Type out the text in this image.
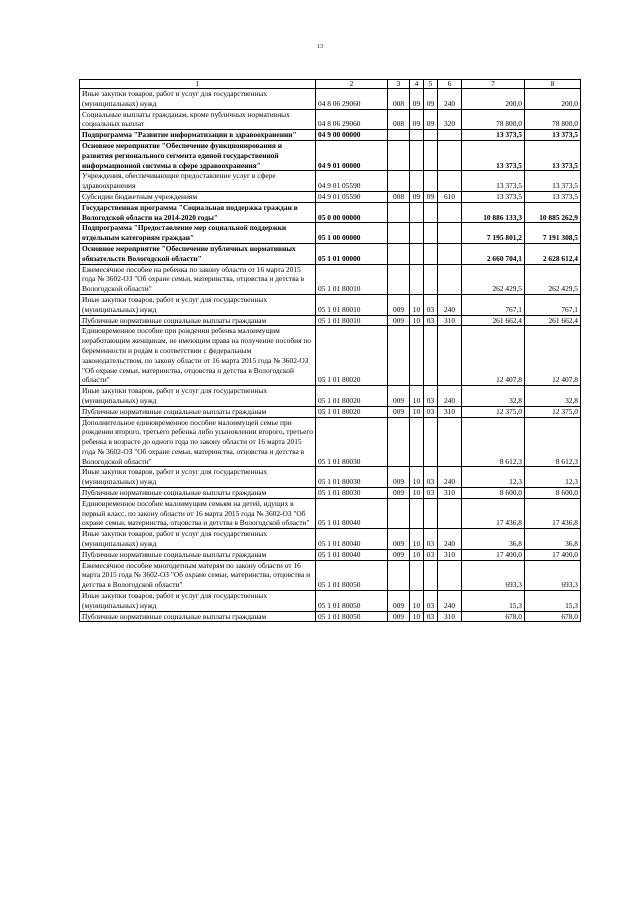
13
1	2	3	4	5	6	7	8
Иные закупки товаров, работ и услуг для государственных (муниципальных) нужд	04 8 06 29060	008	09	09	240	200,0	200,0
Социальные выплаты гражданам, кроме публичных нормативных социальных выплат	04 8 06 29060	008	09	09	320	78 800,0	78 800,0
Подпрограмма "Развитие информатизации в здравоохранении"	04 9 00 00000					13 373,5	13 373,5
Основное мероприятие "Обеспечение функционирования и развития регионального сегмента единой государственной информационной системы в сфере здравоохранения"	04 9 01 00000					13 373,5	13 373,5
Учреждения, обеспечивающие предоставление услуг в сфере здравоохранения	04 9 01 05590					13 373,5	13 373,5
Субсидии бюджетным учреждениям	04 9 01 05590	008	09	09	610	13 373,5	13 373,5
Государственная программа "Социальная поддержка граждан в Вологодской области на 2014-2020 годы"	05 0 00 00000					10 886 133,3	10 885 262,9
Подпрограмма "Предоставление мер социальной поддержки отдельным категориям граждан"	05 1 00 00000					7 195 801,2	7 191 308,5
Основное мероприятие "Обеспечение публичных нормативных обязательств Вологодской области"	05 1 01 00000					2 660 704,1	2 628 612,4
Ежемесячное пособие на ребенка по закону области от 16 марта 2015 года № 3602-ОЗ "Об охране семьи, материнства, отцовства и детства в Вологодской области"	05 1 01 80010					262 429,5	262 429,5
Иные закупки товаров, работ и услуг для государственных (муниципальных) нужд	05 1 01 80010	009	10	03	240	767,1	767,1
Публичные нормативные социальные выплаты гражданам	05 1 01 80010	009	10	03	310	261 662,4	261 662,4
Единовременное пособие при рождении ребенка малоимущим неработающим женщинам, не имеющим права на получение пособия по беременности и родам в соответствии с федеральным законодательством, по закону области от 16 марта 2015 года № 3602-ОЗ "Об охране семьи, материнства, отцовства и детства в Вологодской области"	05 1 01 80020					12 407,8	12 407,8
Иные закупки товаров, работ и услуг для государственных (муниципальных) нужд	05 1 01 80020	009	10	03	240	32,8	32,8
Публичные нормативные социальные выплаты гражданам	05 1 01 80020	009	10	03	310	12 375,0	12 375,0
Дополнительное единовременное пособие малоимущей семье при рождении второго, третьего ребенка либо усыновлении второго, третьего ребенка в возрасте до одного года по закону области от 16 марта 2015 года № 3602-ОЗ "Об охране семьи, материнства, отцовства и детства в Вологодской области"	05 1 01 80030					8 612,3	8 612,3
Иные закупки товаров, работ и услуг для государственных (муниципальных) нужд	05 1 01 80030	009	10	03	240	12,3	12,3
Публичные нормативные социальные выплаты гражданам	05 1 01 80030	009	10	03	310	8 600,0	8 600,0
Единовременное пособие малоимущим семьям на детей, идущих в первый класс, по закону области от 16 марта 2015 года № 3602-ОЗ "Об охране семьи, материнства, отцовства и детства в Вологодской области"	05 1 01 80040					17 436,8	17 436,8
Иные закупки товаров, работ и услуг для государственных (муниципальных) нужд	05 1 01 80040	009	10	03	240	36,8	36,8
Публичные нормативные социальные выплаты гражданам	05 1 01 80040	009	10	03	310	17 400,0	17 400,0
Ежемесячное пособие многодетным матерям по закону области от 16 марта 2015 года № 3602-ОЗ "Об охране семьи, материнства, отцовства и детства в Вологодской области"	05 1 01 80050					693,3	693,3
Иные закупки товаров, работ и услуг для государственных (муниципальных) нужд	05 1 01 80050	009	10	03	240	15,3	15,3
Публичные нормативные социальные выплаты гражданам	05 1 01 80050	009	10	03	310	678,0	678,0
